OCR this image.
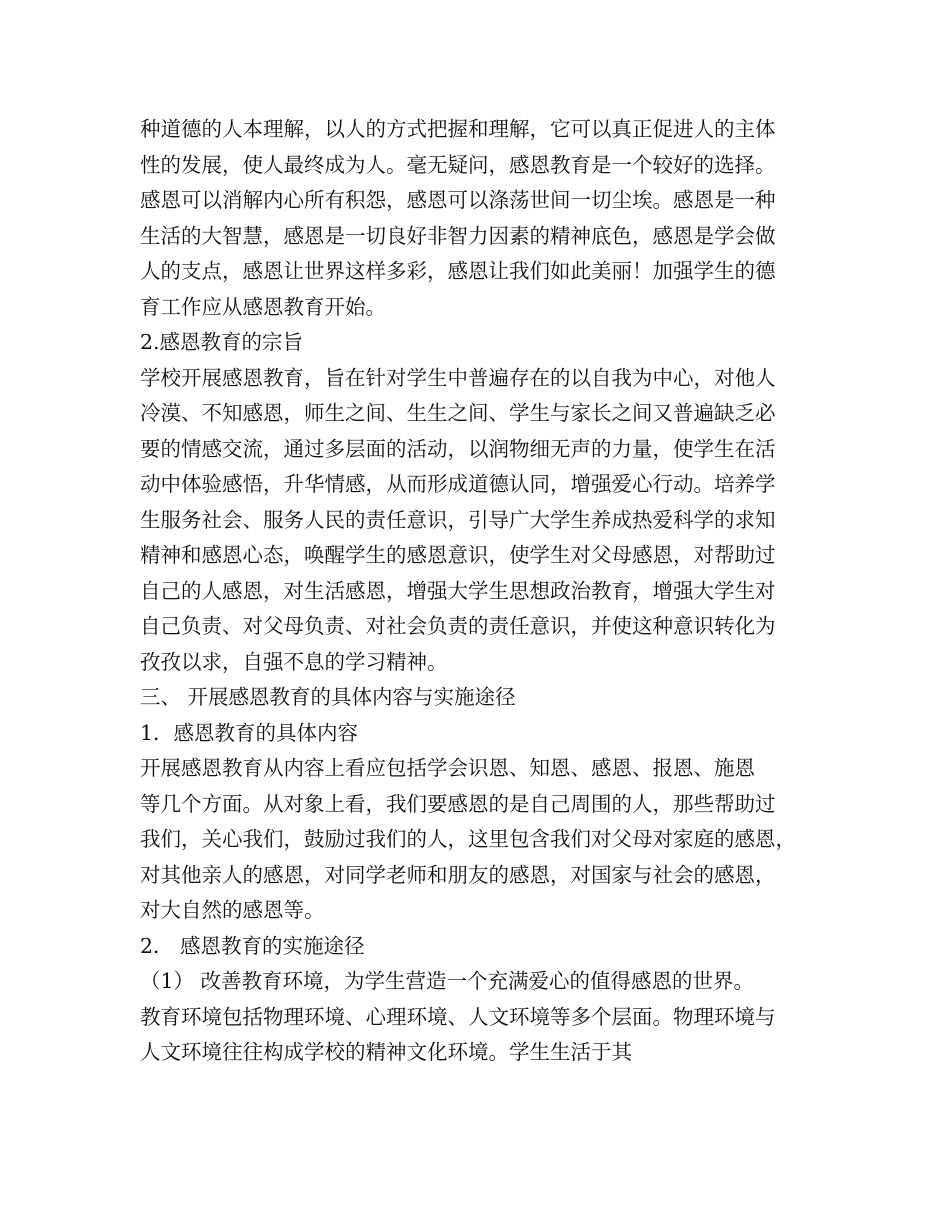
种道德的人本理解，以人的方式把握和理解，它可以真正促进人的主体
性的发展，使人最终成为人。毫无疑问，感恩教育是一个较好的选择。
感恩可以消解内心所有积怨，感恩可以涤荡世间一切尘埃。感恩是一种
生活的大智慧，感恩是一切良好非智力因素的精神底色，感恩是学会做
人的支点，感恩让世界这样多彩，感恩让我们如此美丽！加强学生的德
育工作应从感恩教育开始。
2.感恩教育的宗旨
学校开展感恩教育，旨在针对学生中普遍存在的以自我为中心，对他人
冷漠、不知感恩，师生之间、生生之间、学生与家长之间又普遍缺乏必
要的情感交流，通过多层面的活动，以润物细无声的力量，使学生在活
动中体验感悟，升华情感，从而形成道德认同，增强爱心行动。培养学
生服务社会、服务人民的责任意识，引导广大学生养成热爱科学的求知
精神和感恩心态，唤醒学生的感恩意识，使学生对父母感恩，对帮助过
自己的人感恩，对生活感恩，增强大学生思想政治教育，增强大学生对
自己负责、对父母负责、对社会负责的责任意识，并使这种意识转化为
孜孜以求，自强不息的学习精神。
三、 开展感恩教育的具体内容与实施途径
1．感恩教育的具体内容
开展感恩教育从内容上看应包括学会识恩、知恩、感恩、报恩、施恩
等几个方面。从对象上看，我们要感恩的是自己周围的人，那些帮助过
我们，关心我们，鼓励过我们的人，这里包含我们对父母对家庭的感恩，
对其他亲人的感恩，对同学老师和朋友的感恩，对国家与社会的感恩，
对大自然的感恩等。
2． 感恩教育的实施途径
（1） 改善教育环境，为学生营造一个充满爱心的值得感恩的世界。
教育环境包括物理环境、心理环境、人文环境等多个层面。物理环境与
人文环境往往构成学校的精神文化环境。学生生活于其
